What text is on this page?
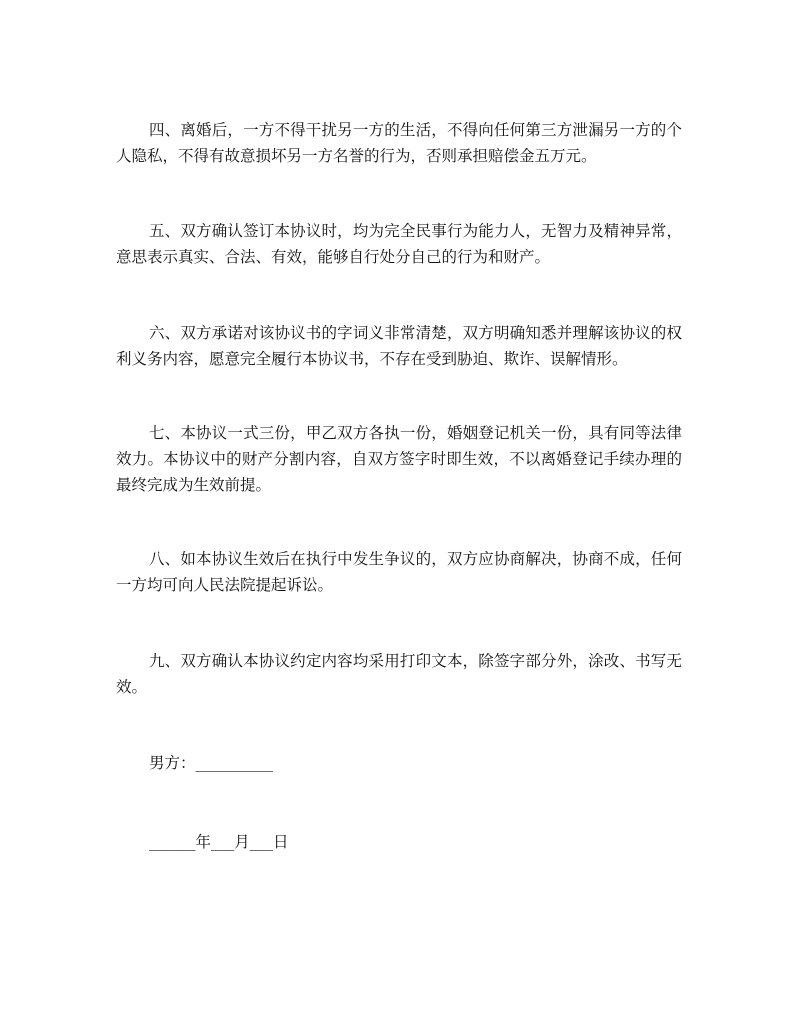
四、离婚后，一方不得干扰另一方的生活，不得向任何第三方泄漏另一方的个人隐私，不得有故意损坏另一方名誉的行为，否则承担赔偿金五万元。

五、双方确认签订本协议时，均为完全民事行为能力人，无智力及精神异常，意思表示真实、合法、有效，能够自行处分自己的行为和财产。

六、双方承诺对该协议书的字词义非常清楚，双方明确知悉并理解该协议的权利义务内容，愿意完全履行本协议书，不存在受到胁迫、欺诈、误解情形。

七、本协议一式三份，甲乙双方各执一份，婚姻登记机关一份，具有同等法律效力。本协议中的财产分割内容，自双方签字时即生效，不以离婚登记手续办理的最终完成为生效前提。

八、如本协议生效后在执行中发生争议的，双方应协商解决，协商不成，任何一方均可向人民法院提起诉讼。

九、双方确认本协议约定内容均采用打印文本，除签字部分外，涂改、书写无效。

男方：__________

______年___月___日
